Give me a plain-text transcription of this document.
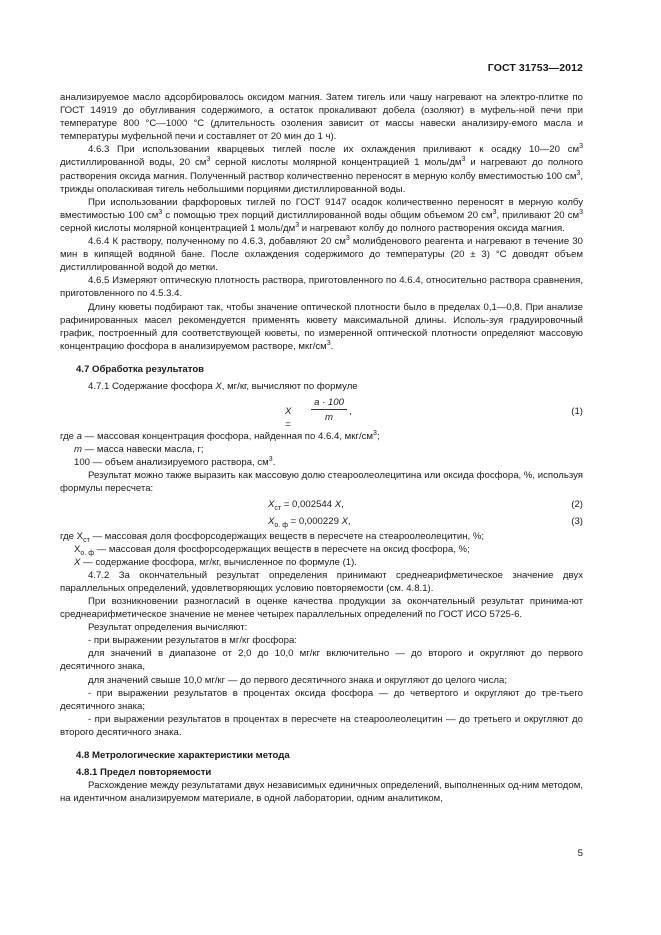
ГОСТ 31753—2012

анализируемое масло адсорбировалось оксидом магния. Затем тигель или чашу нагревают на электро-плитке по ГОСТ 14919 до обугливания содержимого, а остаток прокаливают добела (озоляют) в муфель-ной печи при температуре 800 °С—1000 °С (длительность озоления зависит от массы навески анализиру-емого масла и температуры муфельной печи и составляет от 20 мин до 1 ч).

4.6.3 При использовании кварцевых тиглей после их охлаждения приливают к осадку 10—20 $см^3$ дистиллированной воды, 20 $см^3$ серной кислоты молярной концентрацией 1 моль/$дм^3$ и нагревают до полного растворения оксида магния. Полученный раствор количественно переносят в мерную колбу вместимостью 100 $см^3$, трижды ополаскивая тигель небольшими порциями дистиллированной воды.

При использовании фарфоровых тиглей по ГОСТ 9147 осадок количественно переносят в мерную колбу вместимостью 100 $см^3$ с помощью трех порций дистиллированной воды общим объемом 20 $см^3$, приливают 20 $см^3$ серной кислоты молярной концентрацией 1 моль/$дм^3$ и нагревают колбу до полного растворения оксида магния.

4.6.4 К раствору, полученному по 4.6.3, добавляют 20 $см^3$ молибденового реагента и нагревают в течение 30 мин в кипящей водяной бане. После охлаждения содержимого до температуры (20 ± 3) °С доводят объем дистиллированной водой до метки.

4.6.5 Измеряют оптическую плотность раствора, приготовленного по 4.6.4, относительно раствора сравнения, приготовленного по 4.5.3.4.

Длину кюветы подбирают так, чтобы значение оптической плотности было в пределах 0,1—0,8. При анализе рафинированных масел рекомендуется применять кювету максимальной длины. Исполь-зуя градуировочный график, построенный для соответствующей кюветы, по измеренной оптической плотности определяют массовую концентрацию фосфора в анализируемом растворе, мкг/$см^3$.

4.7 Обработка результатов

4.7.1 Содержание фосфора X, мг/кг, вычисляют по формуле

X =
a · 100
m
,	(1)

где a — массовая концентрация фосфора, найденная по 4.6.4, мкг/$см^3$;

m — масса навески масла, г;

100 — объем анализируемого раствора, $см^3$.

Результат можно также выразить как массовую долю стеароолеолецитина или оксида фосфора, %, используя формулы пересчета:

$X_{ст} = 0,002544$ X,	(2)
$X_{о. ф} = 0,000229$ X,	(3)

где $Х_{ст}$ — массовая доля фосфорсодержащих веществ в пересчете на стеароолеолецитин, %;

$Х_{о. ф}$ — массовая доля фосфорсодержащих веществ в пересчете на оксид фосфора, %;

X — содержание фосфора, мг/кг, вычисленное по формуле (1).

4.7.2 За окончательный результат определения принимают среднеарифметическое значение двух параллельных определений, удовлетворяющих условию повторяемости (см. 4.8.1).

При возникновении разногласий в оценке качества продукции за окончательный результат принима-ют среднеарифметическое значение не менее четырех параллельных определений по ГОСТ ИСО 5725-6.

Результат определения вычисляют:

- при выражении результатов в мг/кг фосфора:

для значений в диапазоне от 2,0 до 10,0 мг/кг включительно — до второго и округляют до первого десятичного знака,

для значений свыше 10,0 мг/кг — до первого десятичного знака и округляют до целого числа;

- при выражении результатов в процентах оксида фосфора — до четвертого и округляют до тре-тьего десятичного знака;

- при выражении результатов в процентах в пересчете на стеароолеолецитин — до третьего и округляют до второго десятичного знака.

4.8 Метрологические характеристики метода

4.8.1 Предел повторяемости

Расхождение между результатами двух независимых единичных определений, выполненных од-ним методом, на идентичном анализируемом материале, в одной лаборатории, одним аналитиком,

5
